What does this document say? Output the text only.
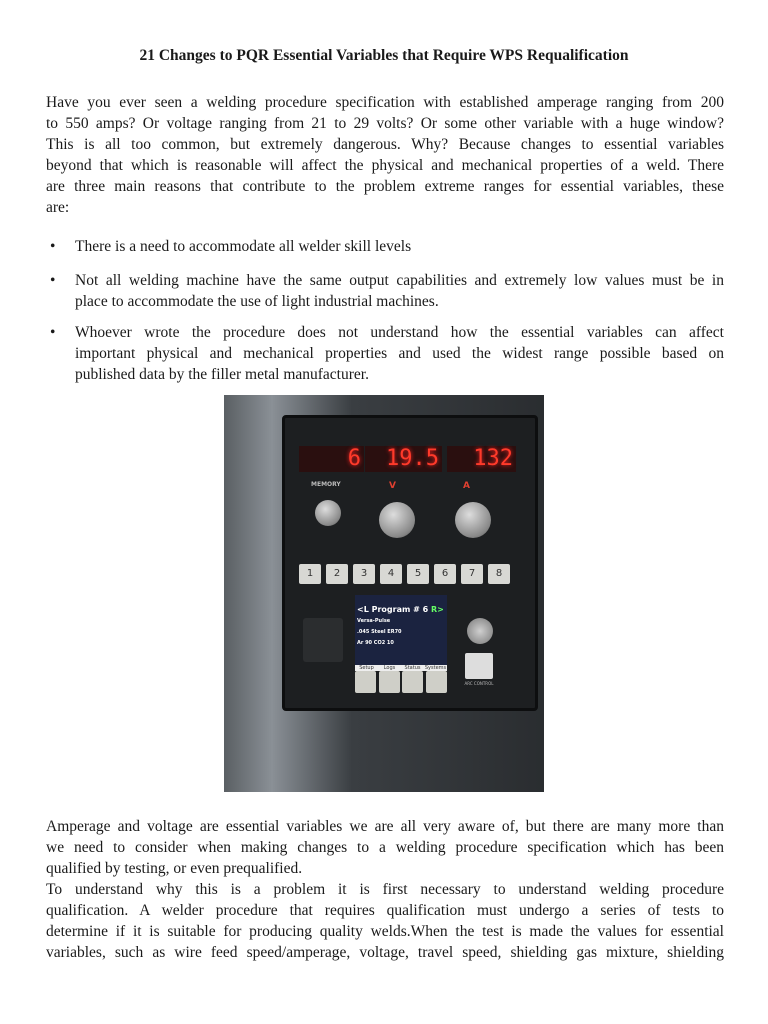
21 Changes to PQR Essential Variables that Require WPS Requalification
Have you ever seen a welding procedure specification with established amperage ranging from 200
to 550 amps? Or voltage ranging from 21 to 29 volts? Or some other variable with a huge window?
This is all too common, but extremely dangerous. Why? Because changes to essential variables
beyond that which is reasonable will affect the physical and mechanical properties of a weld. There
are three main reasons that contribute to the problem extreme ranges for essential variables, these
are:
• There is a need to accommodate all welder skill levels
• Not all welding machine have the same output capabilities and extremely low values must be in
place to accommodate the use of light industrial machines.
• Whoever wrote the procedure does not understand how the essential variables can affect
important physical and mechanical properties and used the widest range possible based on
published data by the filler metal manufacturer.
6	19.5	132
MEMORY	V	A
1	2	3	4	5	6	7	8
<L Program # 6 R>
Versa-Pulse
.045 Steel ER70
Ar 90 CO2 10
Setup	Logs	Status Systems
ARC CONTROL
Amperage and voltage are essential variables we are all very aware of, but there are many more than
we need to consider when making changes to a welding procedure specification which has been
qualified by testing, or even prequalified.
To understand why this is a problem it is first necessary to understand welding procedure
qualification. A welder procedure that requires qualification must undergo a series of tests to
determine if it is suitable for producing quality welds.When the test is made the values for essential
variables, such as wire feed speed/amperage, voltage, travel speed, shielding gas mixture, shielding
